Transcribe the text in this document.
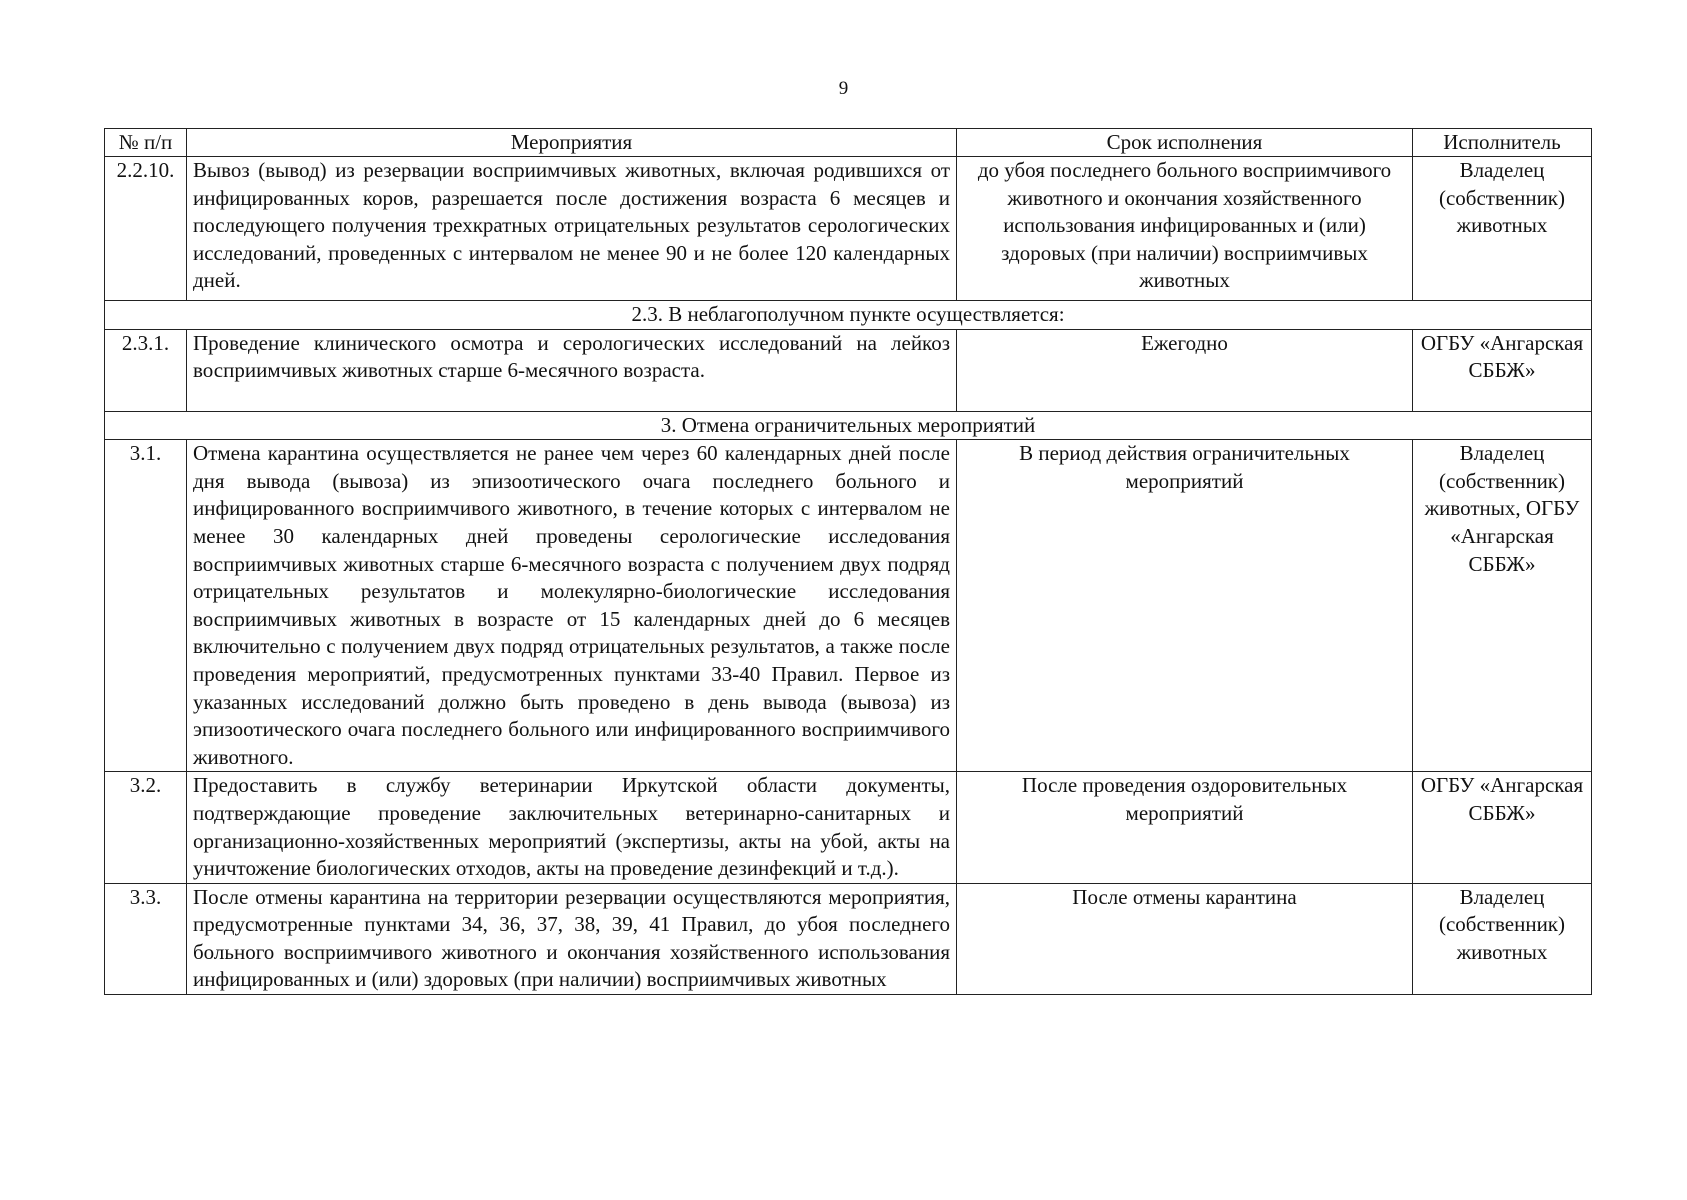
9
№ п/п	Мероприятия	Срок исполнения	Исполнитель
2.2.10.	Вывоз (вывод) из резервации восприимчивых животных, включая родившихся от инфицированных коров, разрешается после достижения возраста 6 месяцев и последующего получения трехкратных отрицательных результатов серологических исследований, проведенных с интервалом не менее 90 и не более 120 календарных дней.	до убоя последнего больного восприимчивого животного и окончания хозяйственного использования инфицированных и (или) здоровых (при наличии) восприимчивых животных	Владелец (собственник) животных
2.3. В неблагополучном пункте осуществляется:			
2.3.1.	Проведение клинического осмотра и серологических исследований на лейкоз восприимчивых животных старше 6-месячного возраста.	Ежегодно	ОГБУ «Ангарская СББЖ»
3. Отмена ограничительных мероприятий			
3.1.	Отмена карантина осуществляется не ранее чем через 60 календарных дней после дня вывода (вывоза) из эпизоотического очага последнего больного и инфицированного восприимчивого животного, в течение которых с интервалом не менее 30 календарных дней проведены серологические исследования восприимчивых животных старше 6-месячного возраста с получением двух подряд отрицательных результатов и молекулярно-биологические исследования восприимчивых животных в возрасте от 15 календарных дней до 6 месяцев включительно с получением двух подряд отрицательных результатов, а также после проведения мероприятий, предусмотренных пунктами 33-40 Правил. Первое из указанных исследований должно быть проведено в день вывода (вывоза) из эпизоотического очага последнего больного или инфицированного восприимчивого животного.	В период действия ограничительных мероприятий	Владелец (собственник) животных, ОГБУ «Ангарская СББЖ»
3.2.	Предоставить в службу ветеринарии Иркутской области документы, подтверждающие проведение заключительных ветеринарно-санитарных и организационно-хозяйственных мероприятий (экспертизы, акты на убой, акты на уничтожение биологических отходов, акты на проведение дезинфекций и т.д.).	После проведения оздоровительных мероприятий	ОГБУ «Ангарская СББЖ»
3.3.	После отмены карантина на территории резервации осуществляются мероприятия, предусмотренные пунктами 34, 36, 37, 38, 39, 41 Правил, до убоя последнего больного восприимчивого животного и окончания хозяйственного использования инфицированных и (или) здоровых (при наличии) восприимчивых животных	После отмены карантина	Владелец (собственник) животных
